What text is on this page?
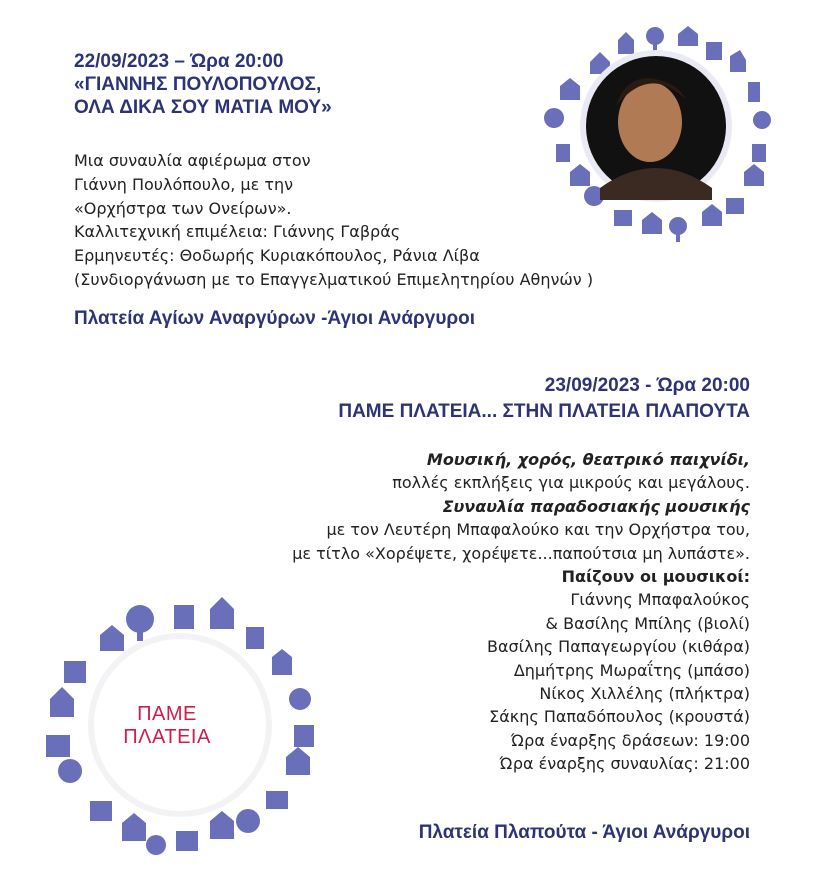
22/09/2023 – Ώρα 20:00
«ΓΙΑΝΝΗΣ ΠΟΥΛΟΠΟΥΛΟΣ,
ΟΛΑ ΔΙΚΑ ΣΟΥ ΜΑΤΙΑ ΜΟΥ»
Μια συναυλία αφιέρωμα στον
Γιάννη Πουλόπουλο, με την
«Ορχήστρα των Ονείρων».
Καλλιτεχνική επιμέλεια: Γιάννης Γαβράς
Ερμηνευτές: Θοδωρής Κυριακόπουλος, Ράνια Λίβα
(Συνδιοργάνωση με το Επαγγελματικού Επιμελητηρίου Αθηνών )
Πλατεία Αγίων Αναργύρων -Άγιοι Ανάργυροι
23/09/2023 - Ώρα 20:00
ΠΑΜΕ ΠΛΑΤΕΙΑ... ΣΤΗΝ ΠΛΑΤΕΙΑ ΠΛΑΠΟΥΤΑ
Μουσική, χορός, θεατρικό παιχνίδι,
πολλές εκπλήξεις για μικρούς και μεγάλους.
Συναυλία παραδοσιακής μουσικής
με τον Λευτέρη Μπαφαλούκο και την Ορχήστρα του,
με τίτλο «Χορέψετε, χορέψετε...παπούτσια μη λυπάστε».
Παίζουν οι μουσικοί:
Γιάννης Μπαφαλούκος
& Βασίλης Μπίλης (βιολί)
Βασίλης Παπαγεωργίου (κιθάρα)
Δημήτρης Μωραΐτης (μπάσο)
Νίκος Χιλλέλης (πλήκτρα)
Σάκης Παπαδόπουλος (κρουστά)
Ώρα έναρξης δράσεων: 19:00
Ώρα έναρξης συναυλίας: 21:00
Πλατεία Πλαπούτα - Άγιοι Ανάργυροι
ΠΑΜΕ ΠΛΑΤΕΙΑ
